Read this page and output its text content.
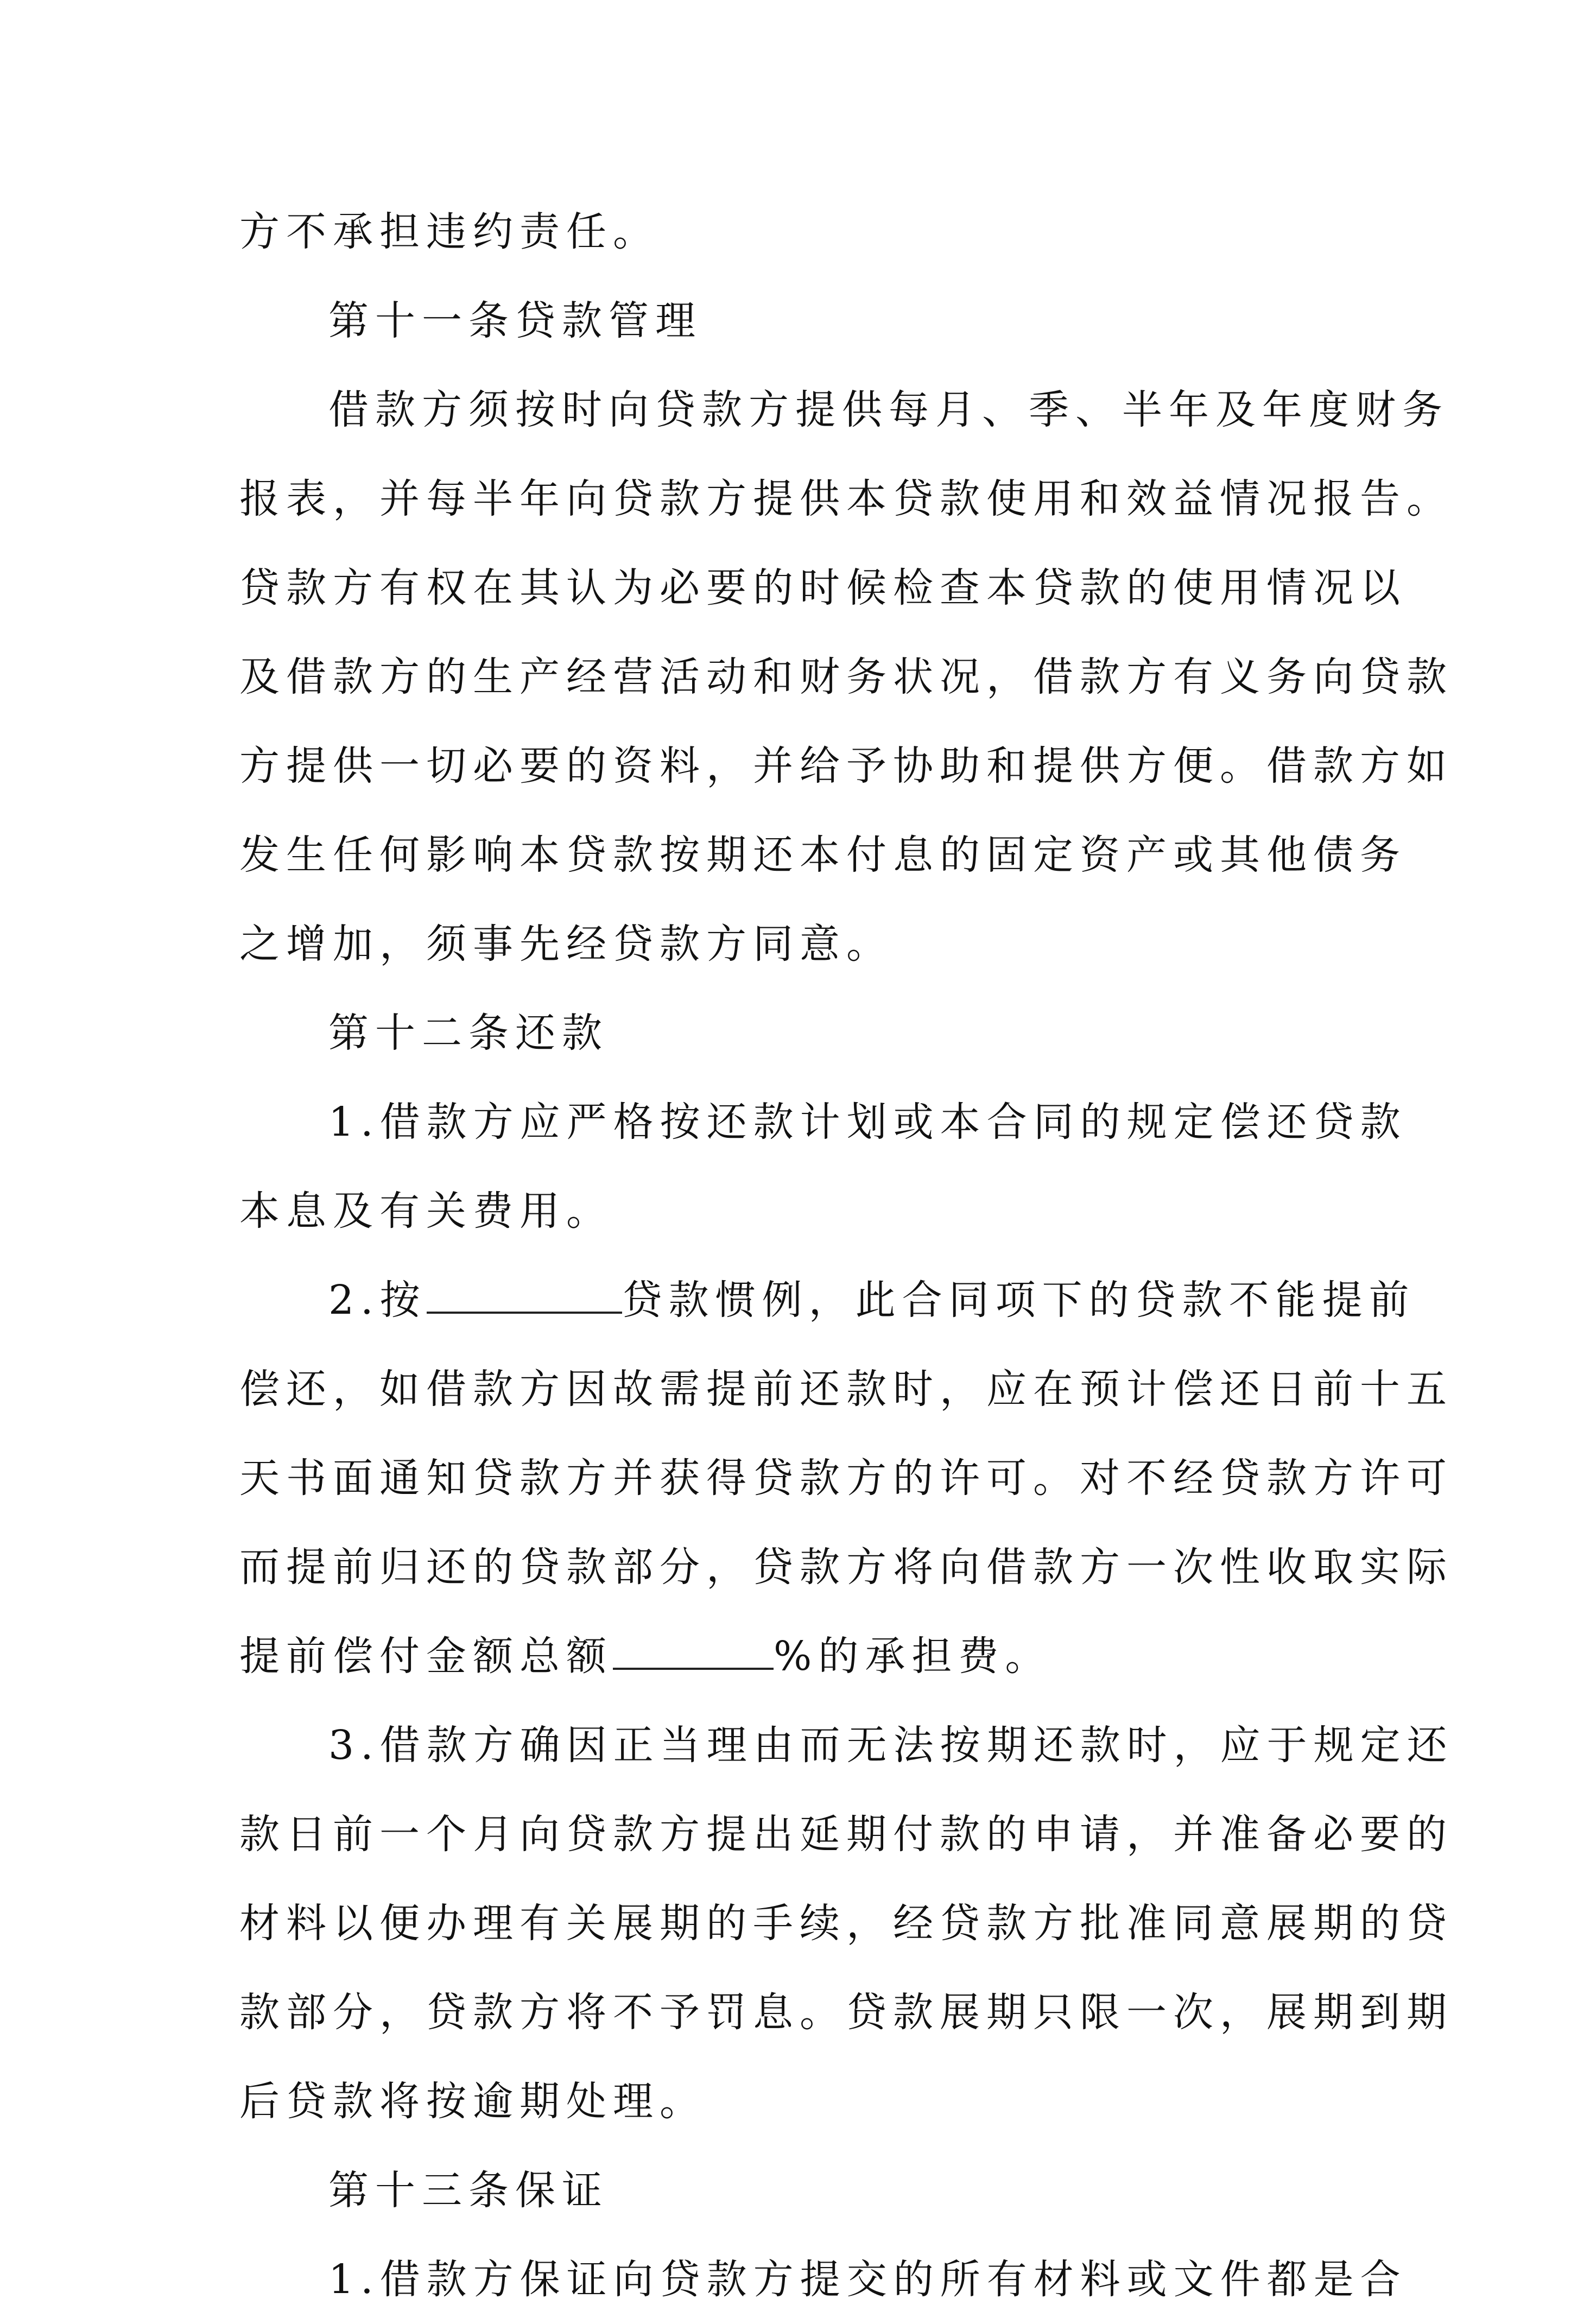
方不承担违约责任。
第十一条贷款管理
借款方须按时向贷款方提供每月、季、半年及年度财务
报表，并每半年向贷款方提供本贷款使用和效益情况报告。
贷款方有权在其认为必要的时候检查本贷款的使用情况以
及借款方的生产经营活动和财务状况，借款方有义务向贷款
方提供一切必要的资料，并给予协助和提供方便。借款方如
发生任何影响本贷款按期还本付息的固定资产或其他债务
之增加，须事先经贷款方同意。
第十二条还款
1.借款方应严格按还款计划或本合同的规定偿还贷款
本息及有关费用。
2.按	贷款惯例，此合同项下的贷款不能提前
偿还，如借款方因故需提前还款时，应在预计偿还日前十五
天书面通知贷款方并获得贷款方的许可。对不经贷款方许可
而提前归还的贷款部分，贷款方将向借款方一次性收取实际
提前偿付金额总额	%的承担费。
3.借款方确因正当理由而无法按期还款时，应于规定还
款日前一个月向贷款方提出延期付款的申请，并准备必要的
材料以便办理有关展期的手续，经贷款方批准同意展期的贷
款部分，贷款方将不予罚息。贷款展期只限一次，展期到期
后贷款将按逾期处理。
第十三条保证
1.借款方保证向贷款方提交的所有材料或文件都是合
